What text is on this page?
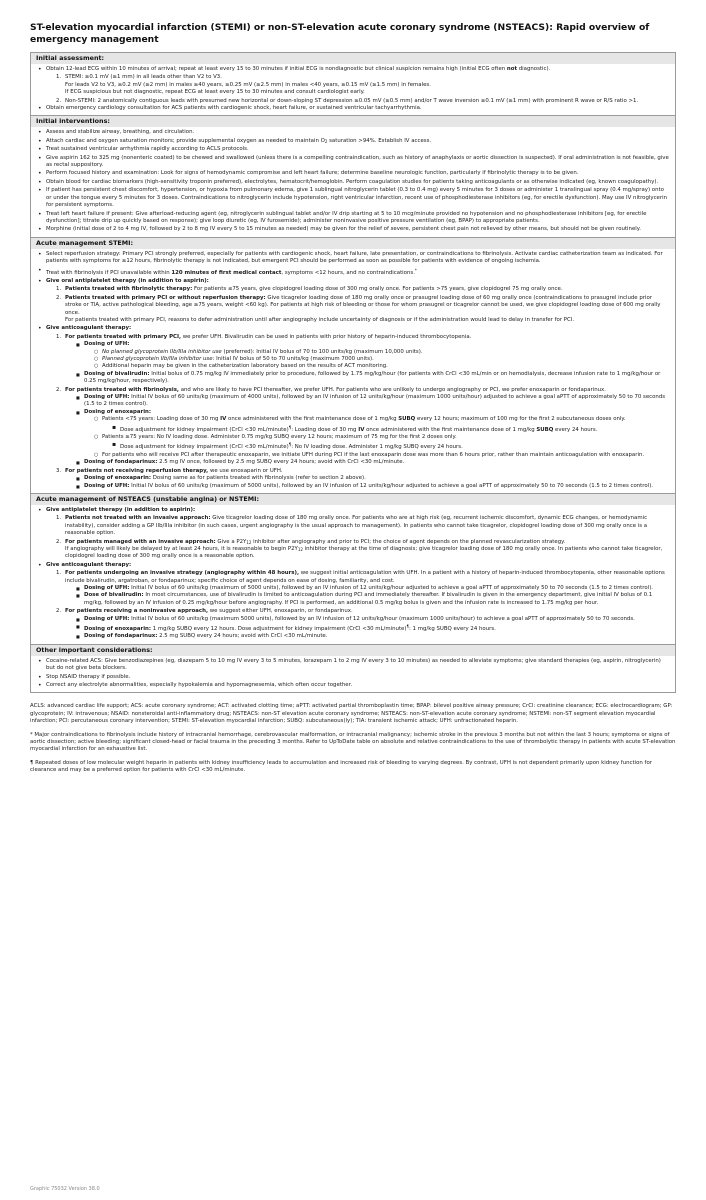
ST-elevation myocardial infarction (STEMI) or non-ST-elevation acute coronary syndrome (NSTEACS): Rapid overview of emergency management
Initial assessment:
• Obtain 12-lead ECG within 10 minutes of arrival; repeat at least every 15 to 30 minutes if initial ECG is nondiagnostic but clinical suspicion remains high (initial ECG often not diagnostic).
1. STEMI: ≥0.1 mV (≥1 mm) in all leads other than V2 to V3.
For leads V2 to V3, ≥0.2 mV (≥2 mm) in males ≥40 years, ≥0.25 mV (≥2.5 mm) in males <40 years, ≥0.15 mV (≥1.5 mm) in females.
If ECG suspicious but not diagnostic, repeat ECG at least every 15 to 30 minutes and consult cardiologist early.
2. Non-STEMI: 2 anatomically contiguous leads with presumed new horizontal or down-sloping ST depression ≥0.05 mV (≥0.5 mm) and/or T wave inversion ≥0.1 mV (≥1 mm) with prominent R wave or R/S ratio >1.
• Obtain emergency cardiology consultation for ACS patients with cardiogenic shock, heart failure, or sustained ventricular tachyarrhythmia.
Initial interventions:
• Assess and stabilize airway, breathing, and circulation.
• Attach cardiac and oxygen saturation monitors; provide supplemental oxygen as needed to maintain $O_2$ saturation >94%. Establish IV access.
• Treat sustained ventricular arrhythmia rapidly according to ACLS protocols.
• Give aspirin 162 to 325 mg (nonenteric coated) to be chewed and swallowed (unless there is a compelling contraindication, such as history of anaphylaxis or aortic dissection is suspected). If oral administration is not feasible, give as rectal suppository.
• Perform focused history and examination: Look for signs of hemodynamic compromise and left heart failure; determine baseline neurologic function, particularly if fibrinolytic therapy is to be given.
• Obtain blood for cardiac biomarkers (high-sensitivity troponin preferred), electrolytes, hematocrit/hemoglobin. Perform coagulation studies for patients taking anticoagulants or as otherwise indicated (eg, known coagulopathy).
• If patient has persistent chest discomfort, hypertension, or hypoxia from pulmonary edema, give 1 sublingual nitroglycerin tablet (0.3 to 0.4 mg) every 5 minutes for 3 doses or administer 1 translingual spray (0.4 mg/spray) onto or under the tongue every 5 minutes for 3 doses. Contraindications to nitroglycerin include hypotension, right ventricular infarction, recent use of phosphodiesterase inhibitors (eg, for erectile dysfunction). May use IV nitroglycerin for persistent symptoms.
• Treat left heart failure if present: Give afterload-reducing agent (eg, nitroglycerin sublingual tablet and/or IV drip starting at 5 to 10 mcg/minute provided no hypotension and no phosphodiesterase inhibitors [eg, for erectile dysfunction]; titrate drip up quickly based on response); give loop diuretic (eg, IV furosemide); administer noninvasive positive pressure ventilation (eg, BPAP) to appropriate patients.
• Morphine (initial dose of 2 to 4 mg IV, followed by 2 to 8 mg IV every 5 to 15 minutes as needed) may be given for the relief of severe, persistent chest pain not relieved by other means, but should not be given routinely.
Acute management STEMI:
• Select reperfusion strategy: Primary PCI strongly preferred, especially for patients with cardiogenic shock, heart failure, late presentation, or contraindications to fibrinolysis. Activate cardiac catheterization team as indicated. For patients with symptoms for ≥12 hours, fibrinolytic therapy is not indicated, but emergent PCI should be performed as soon as possible for patients with evidence of ongoing ischemia.
• Treat with fibrinolysis if PCI unavailable within 120 minutes of first medical contact, symptoms <12 hours, and no contraindications.*
• Give oral antiplatelet therapy (in addition to aspirin):
1. Patients treated with fibrinolytic therapy: For patients ≤75 years, give clopidogrel loading dose of 300 mg orally once. For patients >75 years, give clopidogrel 75 mg orally once.
2. Patients treated with primary PCI or without reperfusion therapy: Give ticagrelor loading dose of 180 mg orally once or prasugrel loading dose of 60 mg orally once (contraindications to prasugrel include prior stroke or TIA, active pathological bleeding, age ≥75 years, weight <60 kg). For patients at high risk of bleeding or those for whom prasugrel or ticagrelor cannot be used, we give clopidogrel loading dose of 600 mg orally once.
For patients treated with primary PCI, reasons to defer administration until after angiography include uncertainty of diagnosis or if the administration would lead to delay in transfer for PCI.
• Give anticoagulant therapy:
1. For patients treated with primary PCI, we prefer UFH. Bivalirudin can be used in patients with prior history of heparin-induced thrombocytopenia.
■ Dosing of UFH:
○ No planned glycoprotein IIb/IIIa inhibitor use (preferred): Initial IV bolus of 70 to 100 units/kg (maximum 10,000 units).
○ Planned glycoprotein IIb/IIIa inhibitor use: Initial IV bolus of 50 to 70 units/kg (maximum 7000 units).
○ Additional heparin may be given in the catheterization laboratory based on the results of ACT monitoring.
■ Dosing of bivalirudin: Initial bolus of 0.75 mg/kg IV immediately prior to procedure, followed by 1.75 mg/kg/hour (for patients with CrCl <30 mL/min or on hemodialysis, decrease infusion rate to 1 mg/kg/hour or 0.25 mg/kg/hour, respectively).
2. For patients treated with fibrinolysis, and who are likely to have PCI thereafter, we prefer UFH. For patients who are unlikely to undergo angiography or PCI, we prefer enoxaparin or fondaparinux.
■ Dosing of UFH: Initial IV bolus of 60 units/kg (maximum of 4000 units), followed by an IV infusion of 12 units/kg/hour (maximum 1000 units/hour) adjusted to achieve a goal aPTT of approximately 50 to 70 seconds (1.5 to 2 times control).
■ Dosing of enoxaparin:
○ Patients <75 years: Loading dose of 30 mg IV once administered with the first maintenance dose of 1 mg/kg SUBQ every 12 hours; maximum of 100 mg for the first 2 subcutaneous doses only.
▪ Dose adjustment for kidney impairment (CrCl <30 mL/minute)¶: Loading dose of 30 mg IV once administered with the first maintenance dose of 1 mg/kg SUBQ every 24 hours.
○ Patients ≥75 years: No IV loading dose. Administer 0.75 mg/kg SUBQ every 12 hours; maximum of 75 mg for the first 2 doses only.
▪ Dose adjustment for kidney impairment (CrCl <30 mL/minute)¶: No IV loading dose. Administer 1 mg/kg SUBQ every 24 hours.
○ For patients who will receive PCI after therapeutic enoxaparin, we initiate UFH during PCI if the last enoxaparin dose was more than 6 hours prior, rather than maintain anticoagulation with enoxaparin.
■ Dosing of fondaparinux: 2.5 mg IV once, followed by 2.5 mg SUBQ every 24 hours; avoid with CrCl <30 mL/minute.
3. For patients not receiving reperfusion therapy, we use enoxaparin or UFH.
■ Dosing of enoxaparin: Dosing same as for patients treated with fibrinolysis (refer to section 2 above).
■ Dosing of UFH: Initial IV bolus of 60 units/kg (maximum of 5000 units), followed by an IV infusion of 12 units/kg/hour adjusted to achieve a goal aPTT of approximately 50 to 70 seconds (1.5 to 2 times control).
Acute management of NSTEACS (unstable angina) or NSTEMI:
• Give antiplatelet therapy (in addition to aspirin):
1. Patients not treated with an invasive approach: Give ticagrelor loading dose of 180 mg orally once. For patients who are at high risk (eg, recurrent ischemic discomfort, dynamic ECG changes, or hemodynamic instability), consider adding a GP IIb/IIIa inhibitor (in such cases, urgent angiography is the usual approach to management). In patients who cannot take ticagrelor, clopidogrel loading dose of 300 mg orally once is a reasonable option.
2. For patients managed with an invasive approach: Give a $P2Y_{12}$ inhibitor after angiography and prior to PCI; the choice of agent depends on the planned revascularization strategy.
If angiography will likely be delayed by at least 24 hours, it is reasonable to begin $P2Y_{12}$ inhibitor therapy at the time of diagnosis; give ticagrelor loading dose of 180 mg orally once. In patients who cannot take ticagrelor, clopidogrel loading dose of 300 mg orally once is a reasonable option.
• Give anticoagulant therapy:
1. For patients undergoing an invasive strategy (angiography within 48 hours), we suggest initial anticoagulation with UFH. In a patient with a history of heparin-induced thrombocytopenia, other reasonable options include bivalirudin, argatroban, or fondaparinux; specific choice of agent depends on ease of dosing, familiarity, and cost.
■ Dosing of UFH: Initial IV bolus of 60 units/kg (maximum of 5000 units), followed by an IV infusion of 12 units/kg/hour adjusted to achieve a goal aPTT of approximately 50 to 70 seconds (1.5 to 2 times control).
■ Dose of bivalirudin: In most circumstances, use of bivalirudin is limited to anticoagulation during PCI and immediately thereafter. If bivalirudin is given in the emergency department, give initial IV bolus of 0.1 mg/kg, followed by an IV infusion of 0.25 mg/kg/hour before angiography. If PCI is performed, an additional 0.5 mg/kg bolus is given and the infusion rate is increased to 1.75 mg/kg per hour.
2. For patients receiving a noninvasive approach, we suggest either UFH, enoxaparin, or fondaparinux.
■ Dosing of UFH: Initial IV bolus of 60 units/kg (maximum 5000 units), followed by an IV infusion of 12 units/kg/hour (maximum 1000 units/hour) to achieve a goal aPTT of approximately 50 to 70 seconds.
■ Dosing of enoxaparin: 1 mg/kg SUBQ every 12 hours. Dose adjustment for kidney impairment (CrCl <30 mL/minute)¶: 1 mg/kg SUBQ every 24 hours.
■ Dosing of fondaparinux: 2.5 mg SUBQ every 24 hours; avoid with CrCl <30 mL/minute.
Other important considerations:
• Cocaine-related ACS: Give benzodiazepines (eg, diazepam 5 to 10 mg IV every 3 to 5 minutes, lorazepam 1 to 2 mg IV every 3 to 10 minutes) as needed to alleviate symptoms; give standard therapies (eg, aspirin, nitroglycerin) but do not give beta blockers.
• Stop NSAID therapy if possible.
• Correct any electrolyte abnormalities, especially hypokalemia and hypomagnesemia, which often occur together.

ACLS: advanced cardiac life support; ACS: acute coronary syndrome; ACT: activated clotting time; aPTT: activated partial thromboplastin time; BPAP: bilevel positive airway pressure; CrCl: creatinine clearance; ECG: electrocardiogram; GP: glycoprotein; IV: intravenous; NSAID: nonsteroidal anti-inflammatory drug; NSTEACS: non-ST elevation acute coronary syndrome; NSTEACS: non-ST-elevation acute coronary syndrome; NSTEMI: non-ST segment elevation myocardial infarction; PCI: percutaneous coronary intervention; STEMI: ST-elevation myocardial infarction; SUBQ: subcutaneous(ly); TIA: transient ischemic attack; UFH: unfractionated heparin.

* Major contraindications to fibrinolysis include history of intracranial hemorrhage, cerebrovascular malformation, or intracranial malignancy; ischemic stroke in the previous 3 months but not within the last 3 hours; symptoms or signs of aortic dissection; active bleeding; significant closed-head or facial trauma in the preceding 3 months. Refer to UpToDate table on absolute and relative contraindications to the use of thrombolytic therapy in patients with acute ST-elevation myocardial infarction for an exhaustive list.

¶ Repeated doses of low molecular weight heparin in patients with kidney insufficiency leads to accumulation and increased risk of bleeding to varying degrees. By contrast, UFH is not dependent primarily upon kidney function for clearance and may be a preferred option for patients with CrCl <30 mL/minute.

Graphic 75032 Version 38.0
